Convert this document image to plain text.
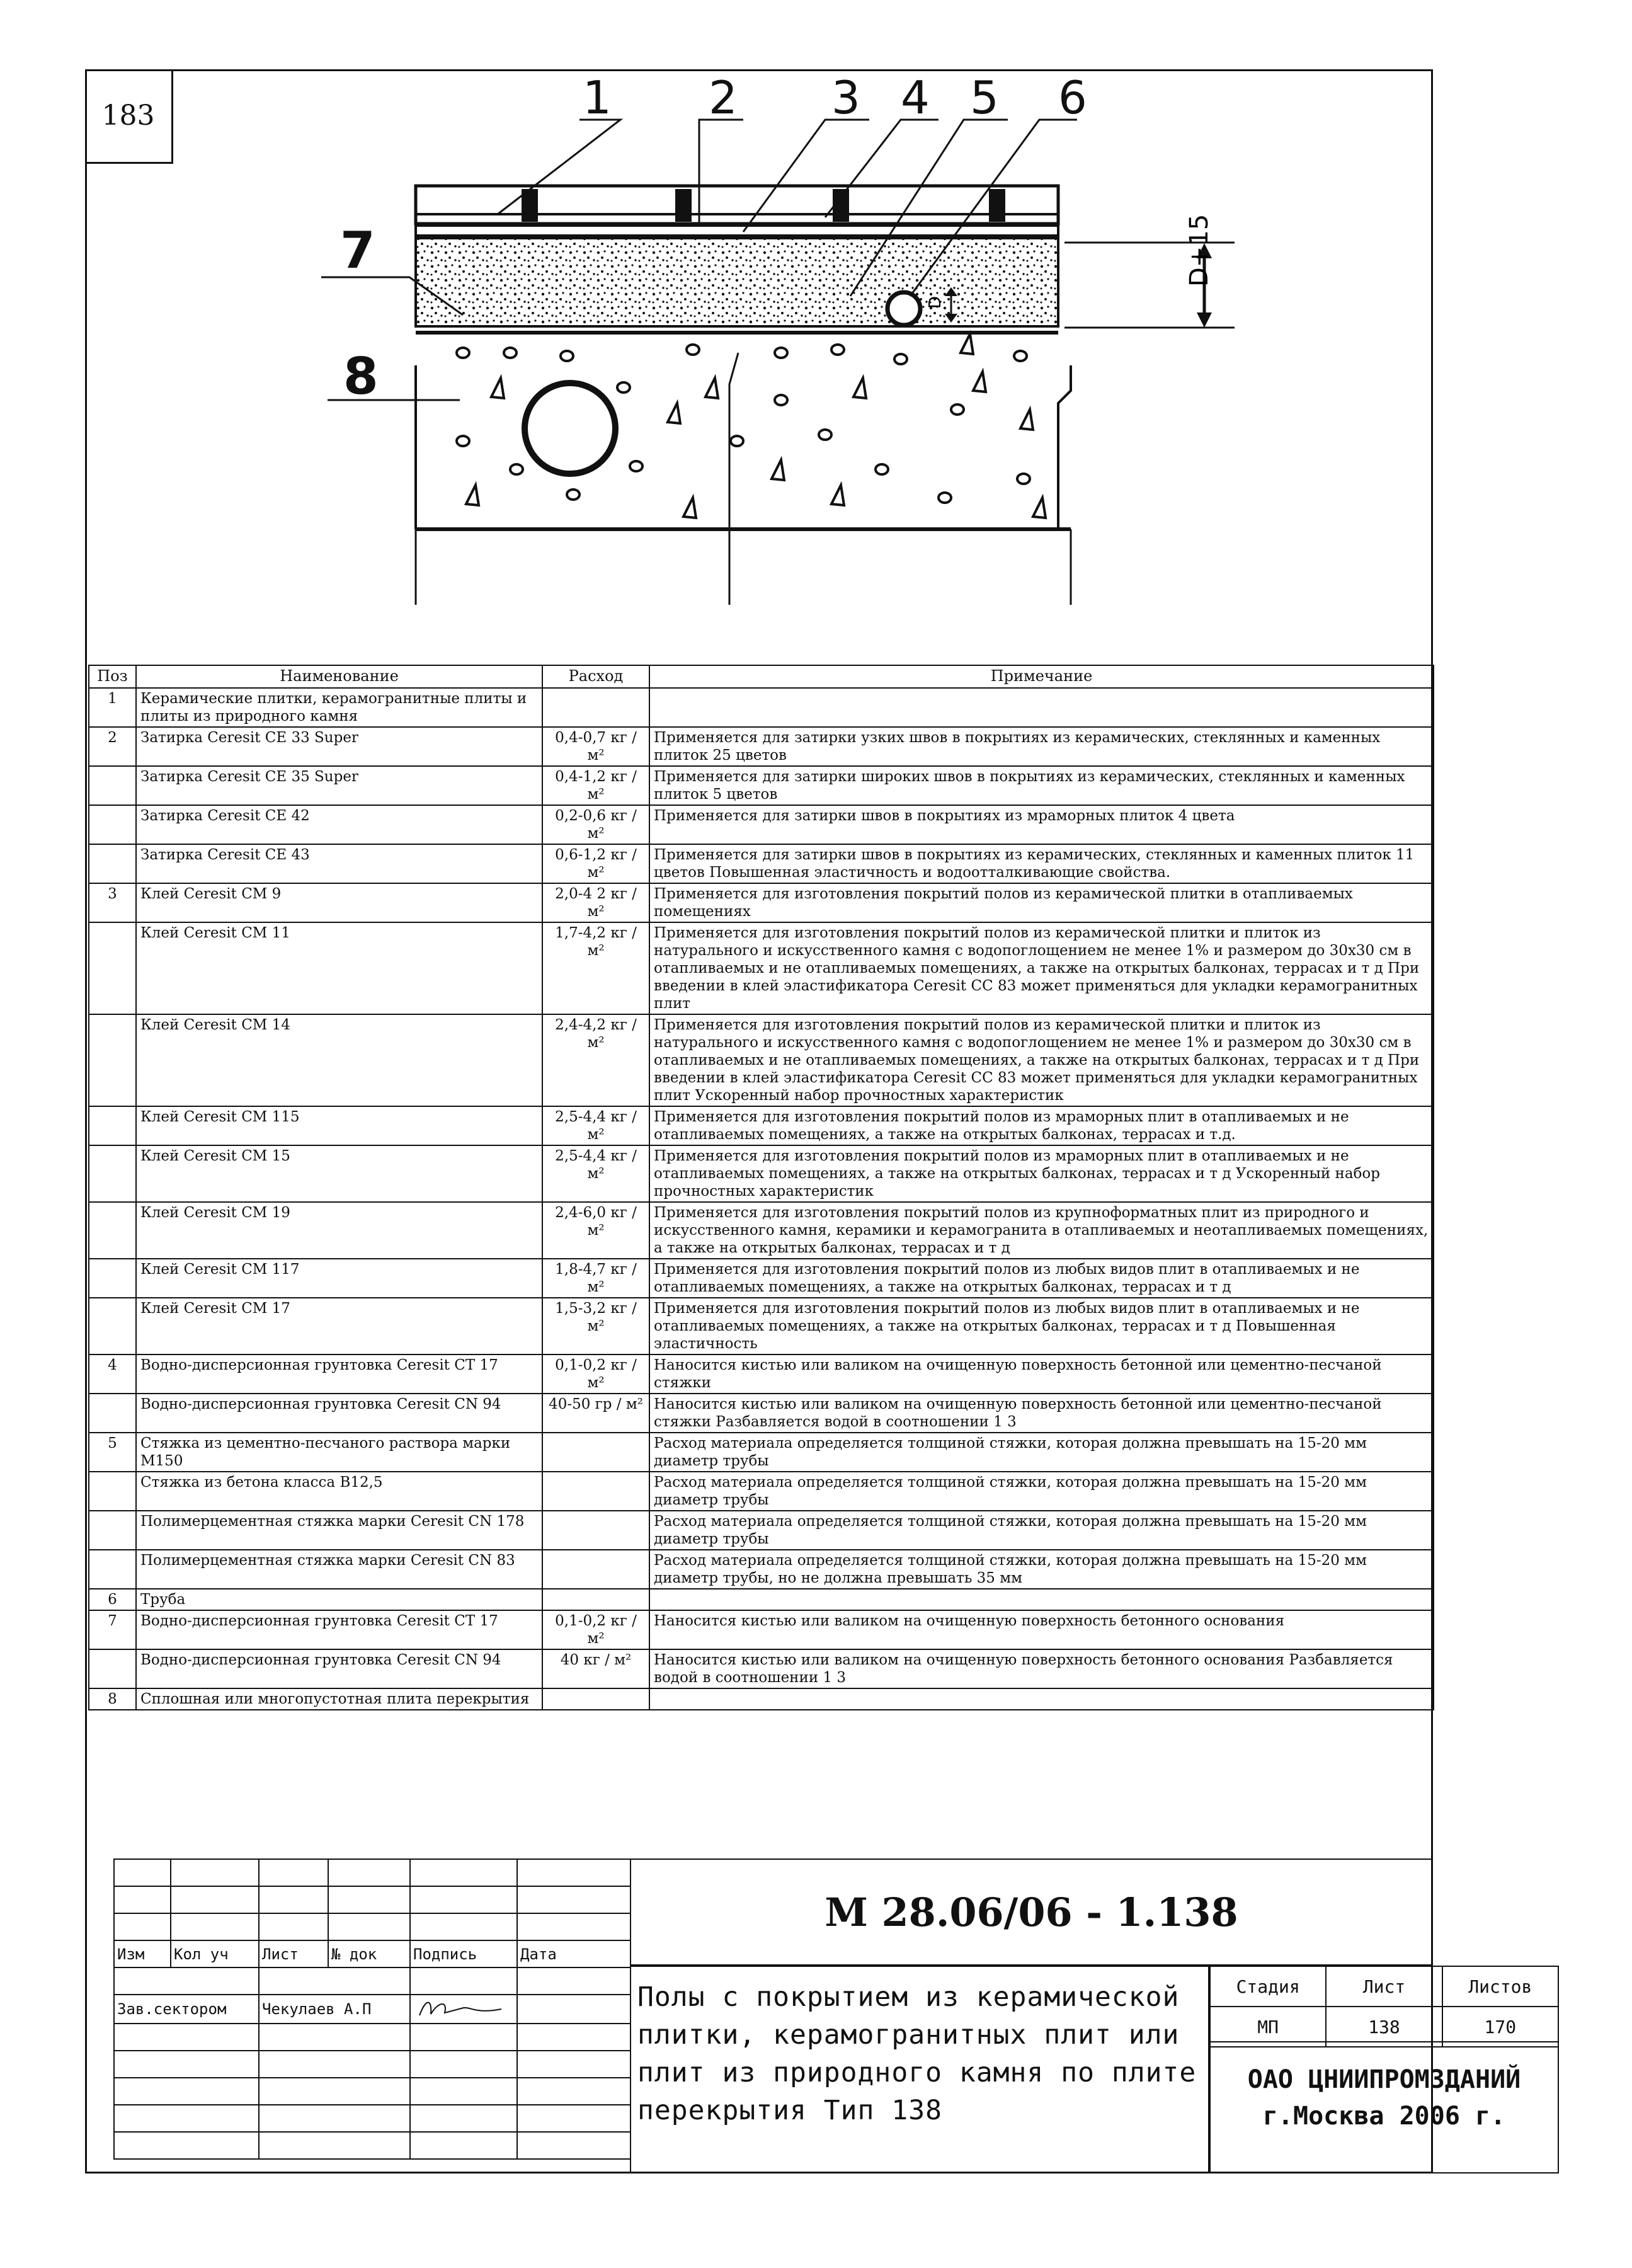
183
D
D+15
1 2 3 4 5 6
7
8
Поз	Наименование	Расход	Примечание
1	Керамические плитки, керамогранитные плиты и плиты из природного камня		
2	Затирка Ceresit CE 33 Super	0,4-0,7 кг / м²	Применяется для затирки узких швов в покрытиях из керамических, стеклянных и каменных плиток 25 цветов
	Затирка Ceresit CE 35 Super	0,4-1,2 кг / м²	Применяется для затирки широких швов в покрытиях из керамических, стеклянных и каменных плиток 5 цветов
	Затирка Ceresit CE 42	0,2-0,6 кг / м²	Применяется для затирки швов в покрытиях из мраморных плиток 4 цвета
	Затирка Ceresit CE 43	0,6-1,2 кг / м²	Применяется для затирки швов в покрытиях из керамических, стеклянных и каменных плиток 11 цветов Повышенная эластичность и водоотталкивающие свойства.
3	Клей Ceresit CM 9	2,0-4 2 кг / м²	Применяется для изготовления покрытий полов из керамической плитки в отапливаемых помещениях
	Клей Ceresit CM 11	1,7-4,2 кг / м²	Применяется для изготовления покрытий полов из керамической плитки и плиток из натурального и искусственного камня с водопоглощением не менее 1% и размером до 30x30 см в отапливаемых и не отапливаемых помещениях, а также на открытых балконах, террасах и т д При введении в клей эластификатора Ceresit CC 83 может применяться для укладки керамогранитных плит
	Клей Ceresit CM 14	2,4-4,2 кг / м²	Применяется для изготовления покрытий полов из керамической плитки и плиток из натурального и искусственного камня с водопоглощением не менее 1% и размером до 30x30 см в отапливаемых и не отапливаемых помещениях, а также на открытых балконах, террасах и т д При введении в клей эластификатора Ceresit CC 83 может применяться для укладки керамогранитных плит Ускоренный набор прочностных характеристик
	Клей Ceresit CM 115	2,5-4,4 кг / м²	Применяется для изготовления покрытий полов из мраморных плит в отапливаемых и не отапливаемых помещениях, а также на открытых балконах, террасах и т.д.
	Клей Ceresit CM 15	2,5-4,4 кг / м²	Применяется для изготовления покрытий полов из мраморных плит в отапливаемых и не отапливаемых помещениях, а также на открытых балконах, террасах и т д Ускоренный набор прочностных характеристик
	Клей Ceresit CM 19	2,4-6,0 кг / м²	Применяется для изготовления покрытий полов из крупноформатных плит из природного и искусственного камня, керамики и керамогранита в отапливаемых и неотапливаемых помещениях, а также на открытых балконах, террасах и т д
	Клей Ceresit CM 117	1,8-4,7 кг / м²	Применяется для изготовления покрытий полов из любых видов плит в отапливаемых и не отапливаемых помещениях, а также на открытых балконах, террасах и т д
	Клей Ceresit CM 17	1,5-3,2 кг / м²	Применяется для изготовления покрытий полов из любых видов плит в отапливаемых и не отапливаемых помещениях, а также на открытых балконах, террасах и т д Повышенная эластичность
4	Водно-дисперсионная грунтовка Ceresit CT 17	0,1-0,2 кг / м²	Наносится кистью или валиком на очищенную поверхность бетонной или цементно-песчаной стяжки
	Водно-дисперсионная грунтовка Ceresit CN 94	40-50 гр / м²	Наносится кистью или валиком на очищенную поверхность бетонной или цементно-песчаной стяжки Разбавляется водой в соотношении 1 3
5	Стяжка из цементно-песчаного раствора марки M150		Расход материала определяется толщиной стяжки, которая должна превышать на 15-20 мм диаметр трубы
	Стяжка из бетона класса B12,5		Расход материала определяется толщиной стяжки, которая должна превышать на 15-20 мм диаметр трубы
	Полимерцементная стяжка марки Ceresit CN 178		Расход материала определяется толщиной стяжки, которая должна превышать на 15-20 мм диаметр трубы
	Полимерцементная стяжка марки Ceresit CN 83		Расход материала определяется толщиной стяжки, которая должна превышать на 15-20 мм диаметр трубы, но не должна превышать 35 мм
6	Труба		
7	Водно-дисперсионная грунтовка Ceresit CT 17	0,1-0,2 кг / м²	Наносится кистью или валиком на очищенную поверхность бетонного основания
	Водно-дисперсионная грунтовка Ceresit CN 94	40 кг / м²	Наносится кистью или валиком на очищенную поверхность бетонного основания Разбавляется водой в соотношении 1 3
8	Сплошная или многопустотная плита перекрытия		

Изм	Кол уч	Лист	№ док	Подпись	Дата

Зав.сектором		Чекулаев А.П		

M 28.06/06 - 1.138
Полы с покрытием из керамической плитки, керамогранитных плит или плит из природного камня по плите перекрытия Тип 138
Стадия	Лист	Листов
МП	138	170
ОАО ЦНИИПРОМЗДАНИЙ
г.Москва 2006 г.
